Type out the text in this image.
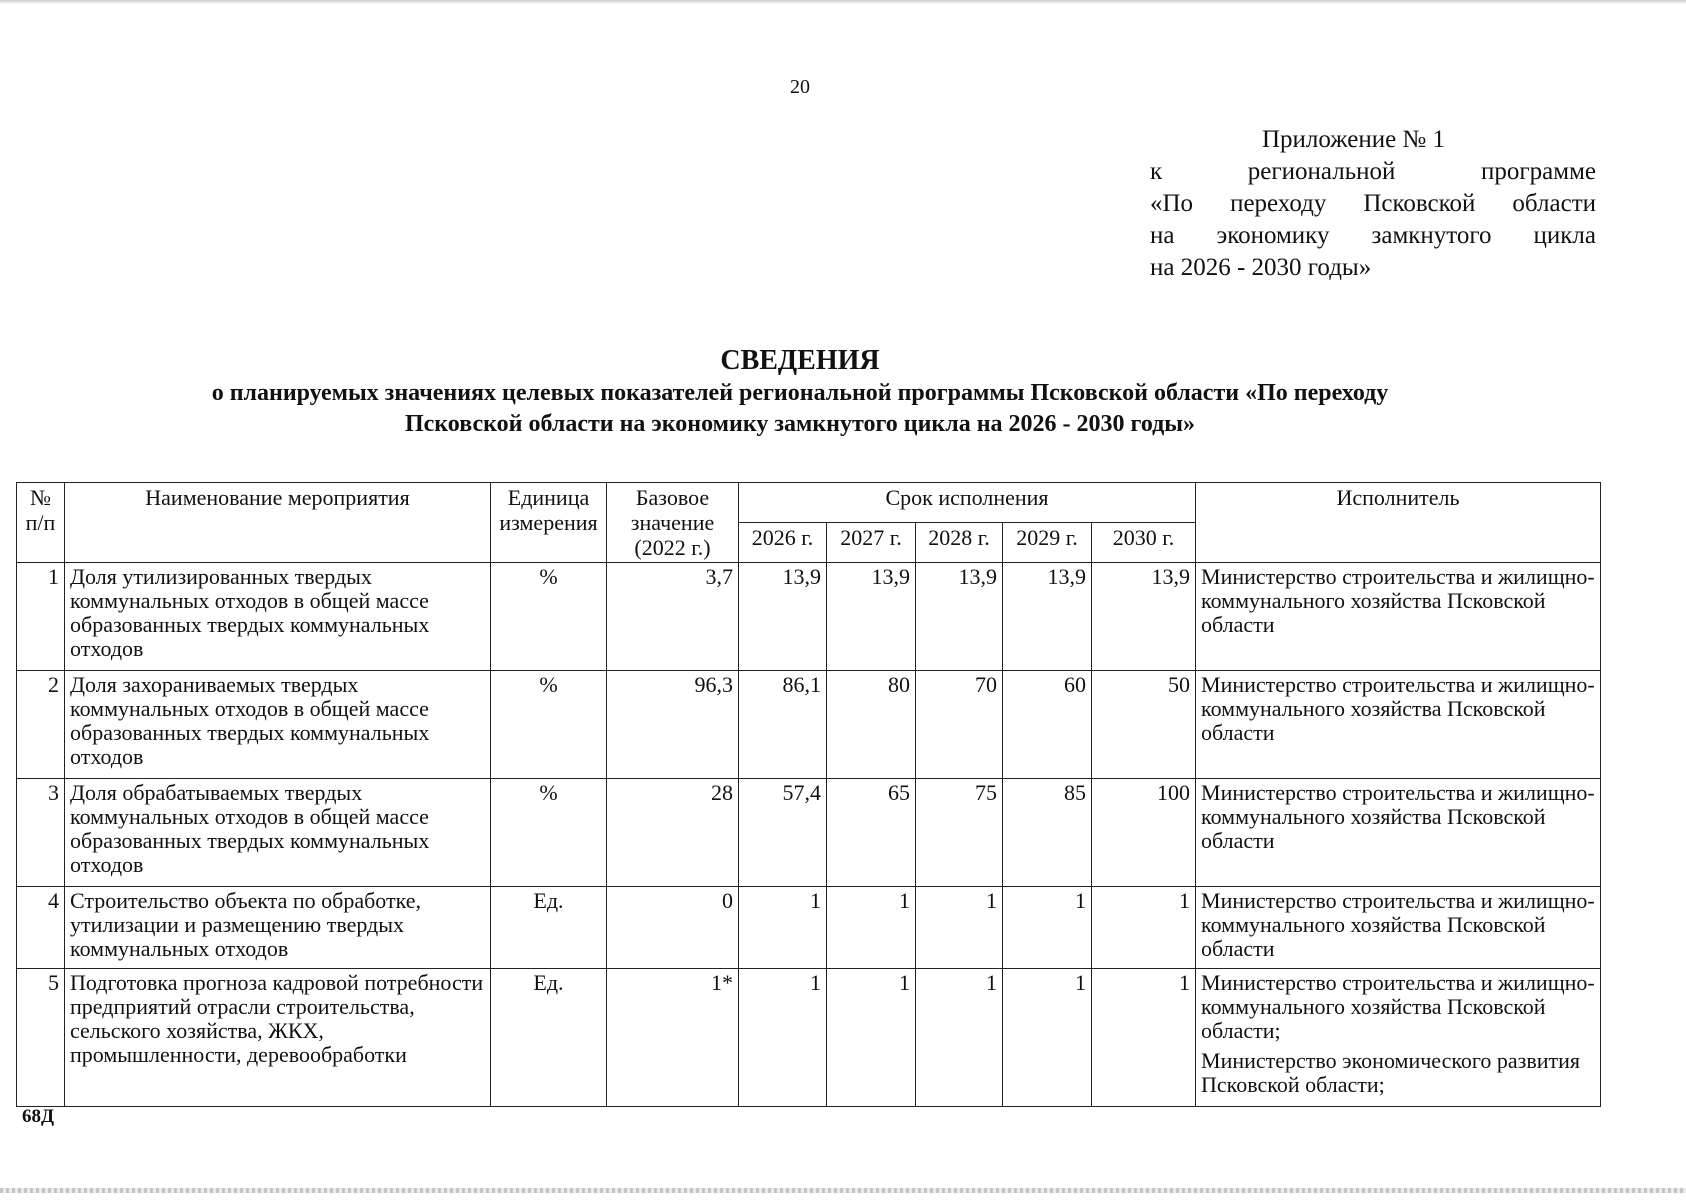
20
Приложение № 1
к региональной программе
«По переходу Псковской области
на экономику замкнутого цикла
на 2026 - 2030 годы»
СВЕДЕНИЯ
о планируемых значениях целевых показателей региональной программы Псковской области «По переходу
Псковской области на экономику замкнутого цикла на 2026 - 2030 годы»
№ п/п	Наименование мероприятия	Единица измерения	Базовое значение (2022 г.)	Срок исполнения					Исполнитель
				2026 г.	2027 г.	2028 г.	2029 г.	2030 г.	
1	Доля утилизированных твердых коммунальных отходов в общей массе образованных твердых коммунальных отходов	%	3,7	13,9	13,9	13,9	13,9	13,9	Министерство строительства и жилищно-коммунального хозяйства Псковской области

2	Доля захораниваемых твердых коммунальных отходов в общей массе образованных твердых коммунальных отходов	%	96,3	86,1	80	70	60	50	Министерство строительства и жилищно-коммунального хозяйства Псковской области

3	Доля обрабатываемых твердых коммунальных отходов в общей массе образованных твердых коммунальных отходов	%	28	57,4	65	75	85	100	Министерство строительства и жилищно-коммунального хозяйства Псковской области

4	Строительство объекта по обработке, утилизации и размещению твердых коммунальных отходов	Ед.	0	1	1	1	1	1	Министерство строительства и жилищно-коммунального хозяйства Псковской области

5	Подготовка прогноза кадровой потребности предприятий отрасли строительства, сельского хозяйства, ЖКХ, промышленности, деревообработки	Ед.	1*	1	1	1	1	1	Министерство строительства и жилищно-коммунального хозяйства Псковской области;
Министерство экономического развития Псковской области;
68Д
